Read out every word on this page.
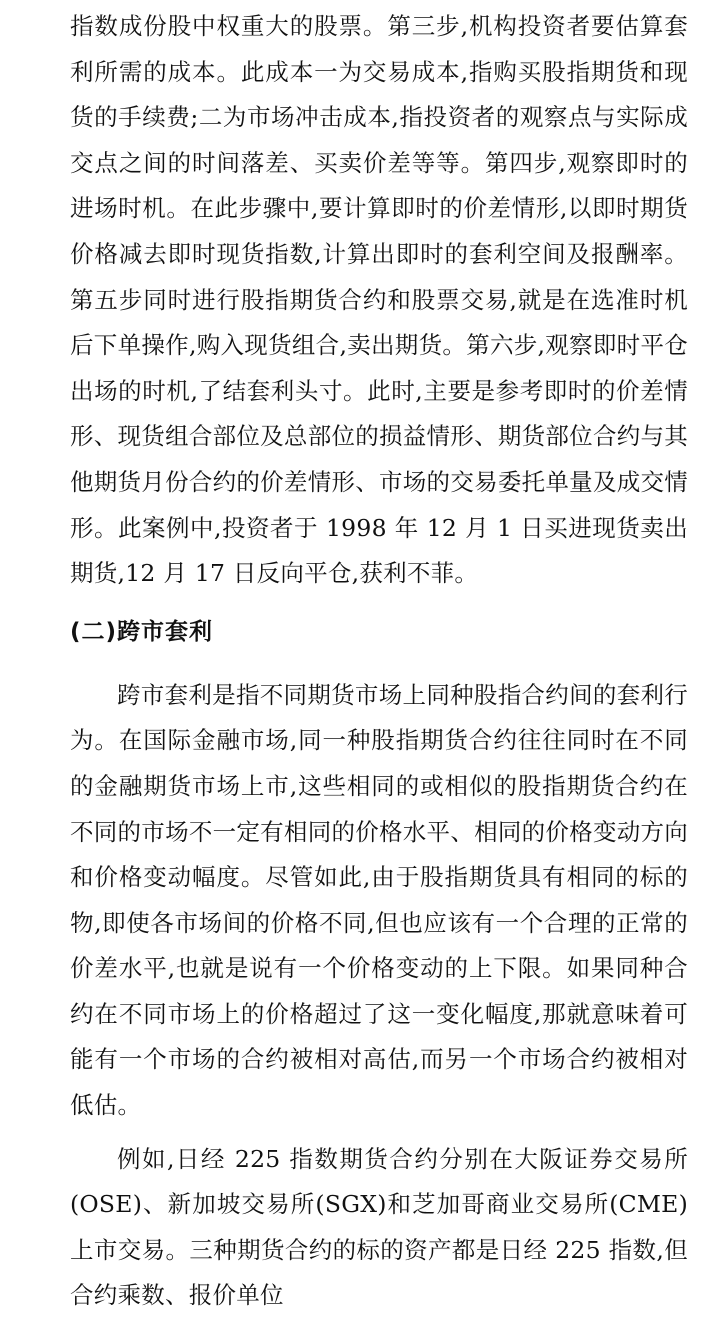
指数成份股中权重大的股票。第三步,机构投资者要估算套利所需的成本。此成本一为交易成本,指购买股指期货和现货的手续费;二为市场冲击成本,指投资者的观察点与实际成交点之间的时间落差、买卖价差等等。第四步,观察即时的进场时机。在此步骤中,要计算即时的价差情形,以即时期货价格减去即时现货指数,计算出即时的套利空间及报酬率。第五步同时进行股指期货合约和股票交易,就是在选准时机后下单操作,购入现货组合,卖出期货。第六步,观察即时平仓出场的时机,了结套利头寸。此时,主要是参考即时的价差情形、现货组合部位及总部位的损益情形、期货部位合约与其他期货月份合约的价差情形、市场的交易委托单量及成交情形。此案例中,投资者于 1998 年 12 月 1 日买进现货卖出期货,12 月 17 日反向平仓,获利不菲。

(二)跨市套利

跨市套利是指不同期货市场上同种股指合约间的套利行为。在国际金融市场,同一种股指期货合约往往同时在不同的金融期货市场上市,这些相同的或相似的股指期货合约在不同的市场不一定有相同的价格水平、相同的价格变动方向和价格变动幅度。尽管如此,由于股指期货具有相同的标的物,即使各市场间的价格不同,但也应该有一个合理的正常的价差水平,也就是说有一个价格变动的上下限。如果同种合约在不同市场上的价格超过了这一变化幅度,那就意味着可能有一个市场的合约被相对高估,而另一个市场合约被相对低估。

例如,日经 225 指数期货合约分别在大阪证券交易所(OSE)、新加坡交易所(SGX)和芝加哥商业交易所(CME)上市交易。三种期货合约的标的资产都是日经 225 指数,但合约乘数、报价单位
